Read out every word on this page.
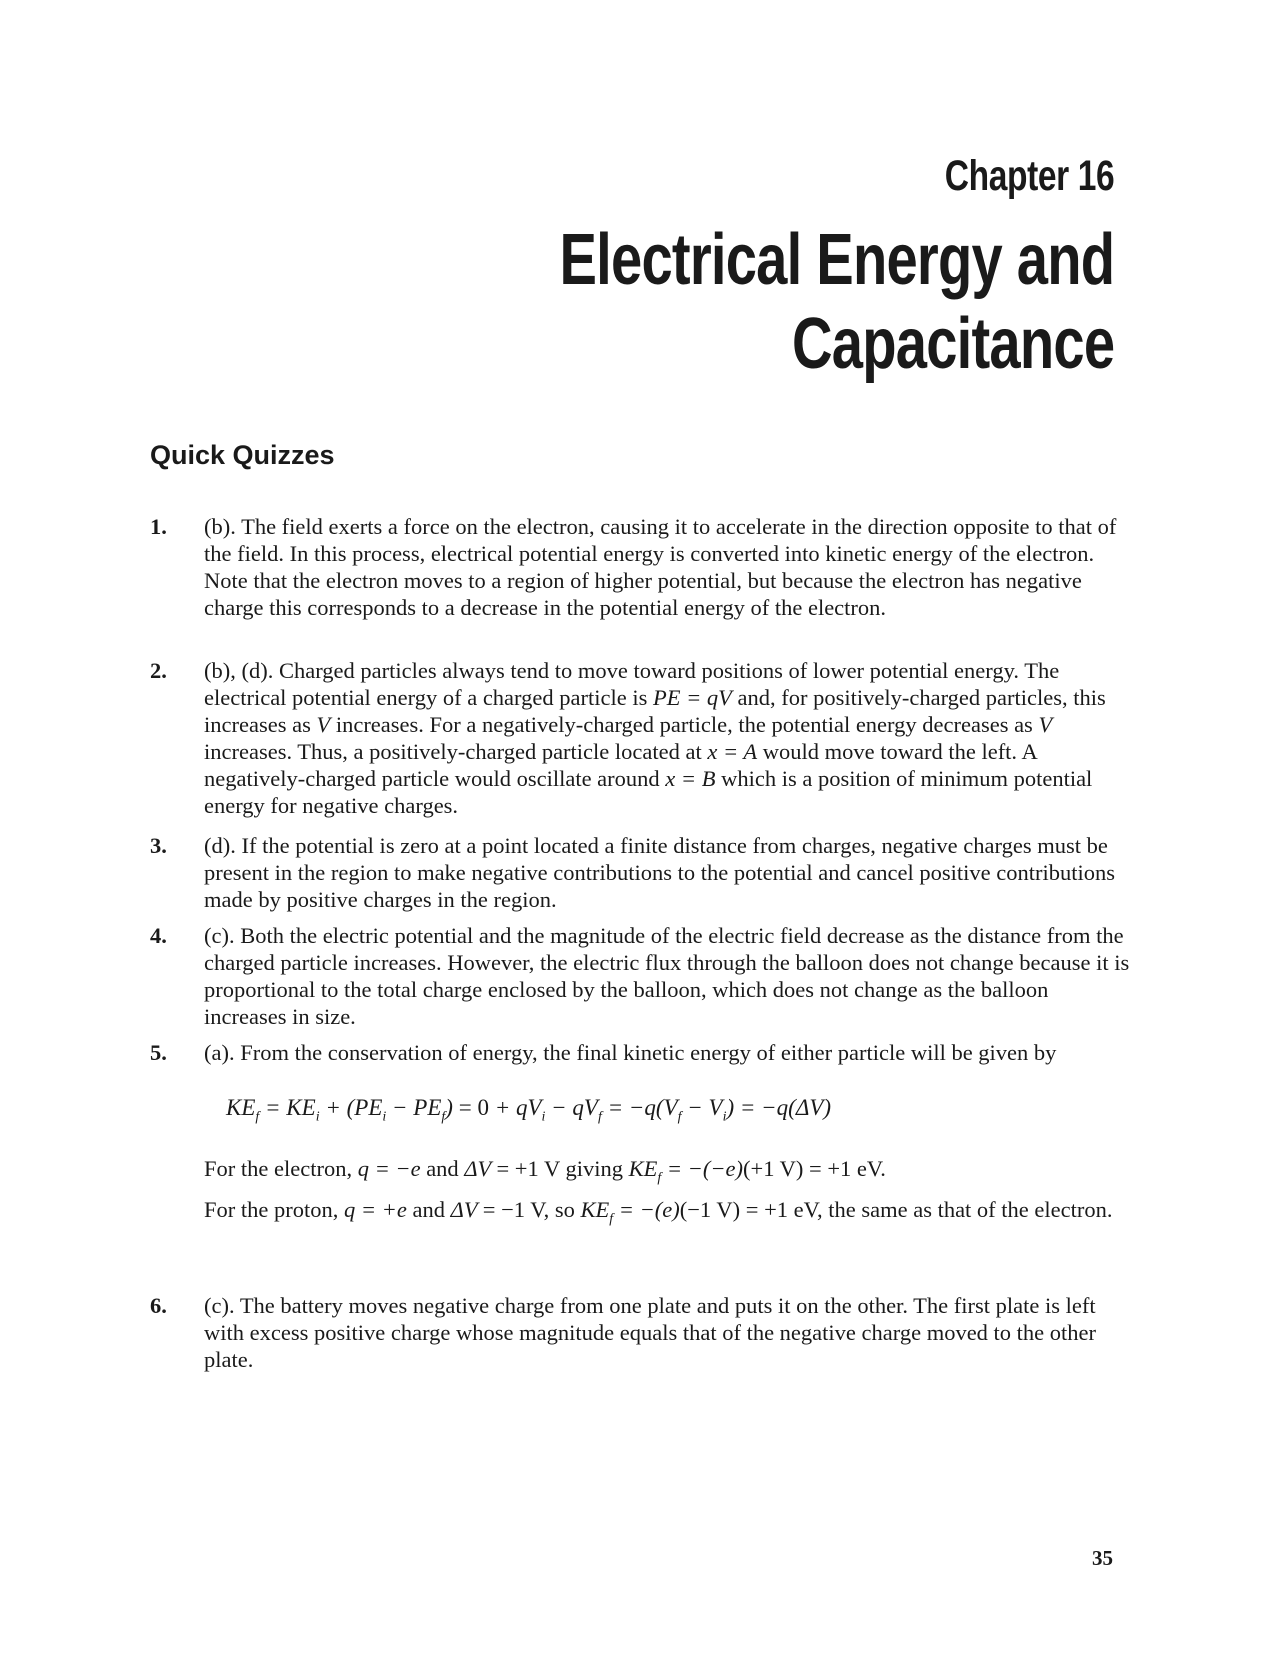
Chapter 16
Electrical Energy and
Capacitance
Quick Quizzes
1.	(b). The field exerts a force on the electron, causing it to accelerate in the direction opposite to that of the field. In this process, electrical potential energy is converted into kinetic energy of the electron. Note that the electron moves to a region of higher potential, but because the electron has negative charge this corresponds to a decrease in the potential energy of the electron.
2.	(b), (d). Charged particles always tend to move toward positions of lower potential energy. The electrical potential energy of a charged particle is PE = qV and, for positively-charged particles, this increases as V increases. For a negatively-charged particle, the potential energy decreases as V increases. Thus, a positively-charged particle located at x = A would move toward the left. A negatively-charged particle would oscillate around x = B which is a position of minimum potential energy for negative charges.
3.	(d). If the potential is zero at a point located a finite distance from charges, negative charges must be present in the region to make negative contributions to the potential and cancel positive contributions made by positive charges in the region.
4.	(c). Both the electric potential and the magnitude of the electric field decrease as the distance from the charged particle increases. However, the electric flux through the balloon does not change because it is proportional to the total charge enclosed by the balloon, which does not change as the balloon increases in size.
5.	(a). From the conservation of energy, the final kinetic energy of either particle will be given by
$KE_f = KE_i + (PE_i - PE_f) = 0 + qV_i - qV_f = -q(V_f - V_i) = -q(\Delta V)$
For the electron, q = −e and ΔV = +1 V giving $KE_f = -(-e)(+1$ V) = +1 eV.
For the proton, q = +e and ΔV = −1 V, so $KE_f = -(e)(-1$ V) = +1 eV, the same as that of the electron.
6.	(c). The battery moves negative charge from one plate and puts it on the other. The first plate is left with excess positive charge whose magnitude equals that of the negative charge moved to the other plate.
35
